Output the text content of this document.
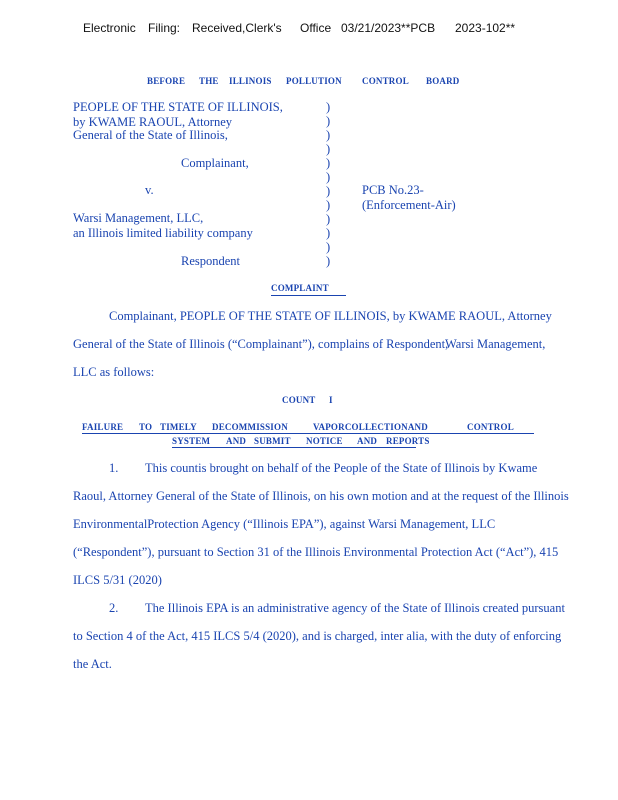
Electronic Filing: Received,Clerk's Office 03/21/2023**PCB 2023-102**
BEFORE THE ILLINOIS POLLUTION CONTROL BOARD
PEOPLE OF THE STATE OF ILLINOIS,
by KWAME RAOUL, Attorney
General of the State of Illinois,
Complainant,
v.
Warsi Management, LLC,
an Illinois limited liability company
Respondent
PCB No.23-
(Enforcement-Air)
)
)
)
)
)
)
)
)
)
)
)
)
COMPLAINT
Complainant, PEOPLE OF THE STATE OF ILLINOIS, by KWAME RAOUL, Attorney
General of the State of Illinois (“Complainant”), complains of Respondent,
Warsi Management,
LLC as follows:
COUNT I
FAILURE TO TIMELY DECOMMISSION	VAPORCOLLECTIONAND	CONTROL
SYSTEM AND SUBMIT NOTICE AND REPORTS
1. This countis brought on behalf of the People of the State of Illinois by Kwame
Raoul, Attorney General of the State of Illinois, on his own motion and at the request of the Illinois
EnvironmentalProtection Agency (“Illinois EPA”), against Warsi Management, LLC
(“Respondent”), pursuant to Section 31 of the Illinois Environmental Protection Act (“Act”), 415
ILCS 5/31 (2020)
2. The Illinois EPA is an administrative agency of the State of Illinois created pursuant
to Section 4 of the Act, 415 ILCS 5/4 (2020), and is charged, inter alia, with the duty of enforcing
the Act.
